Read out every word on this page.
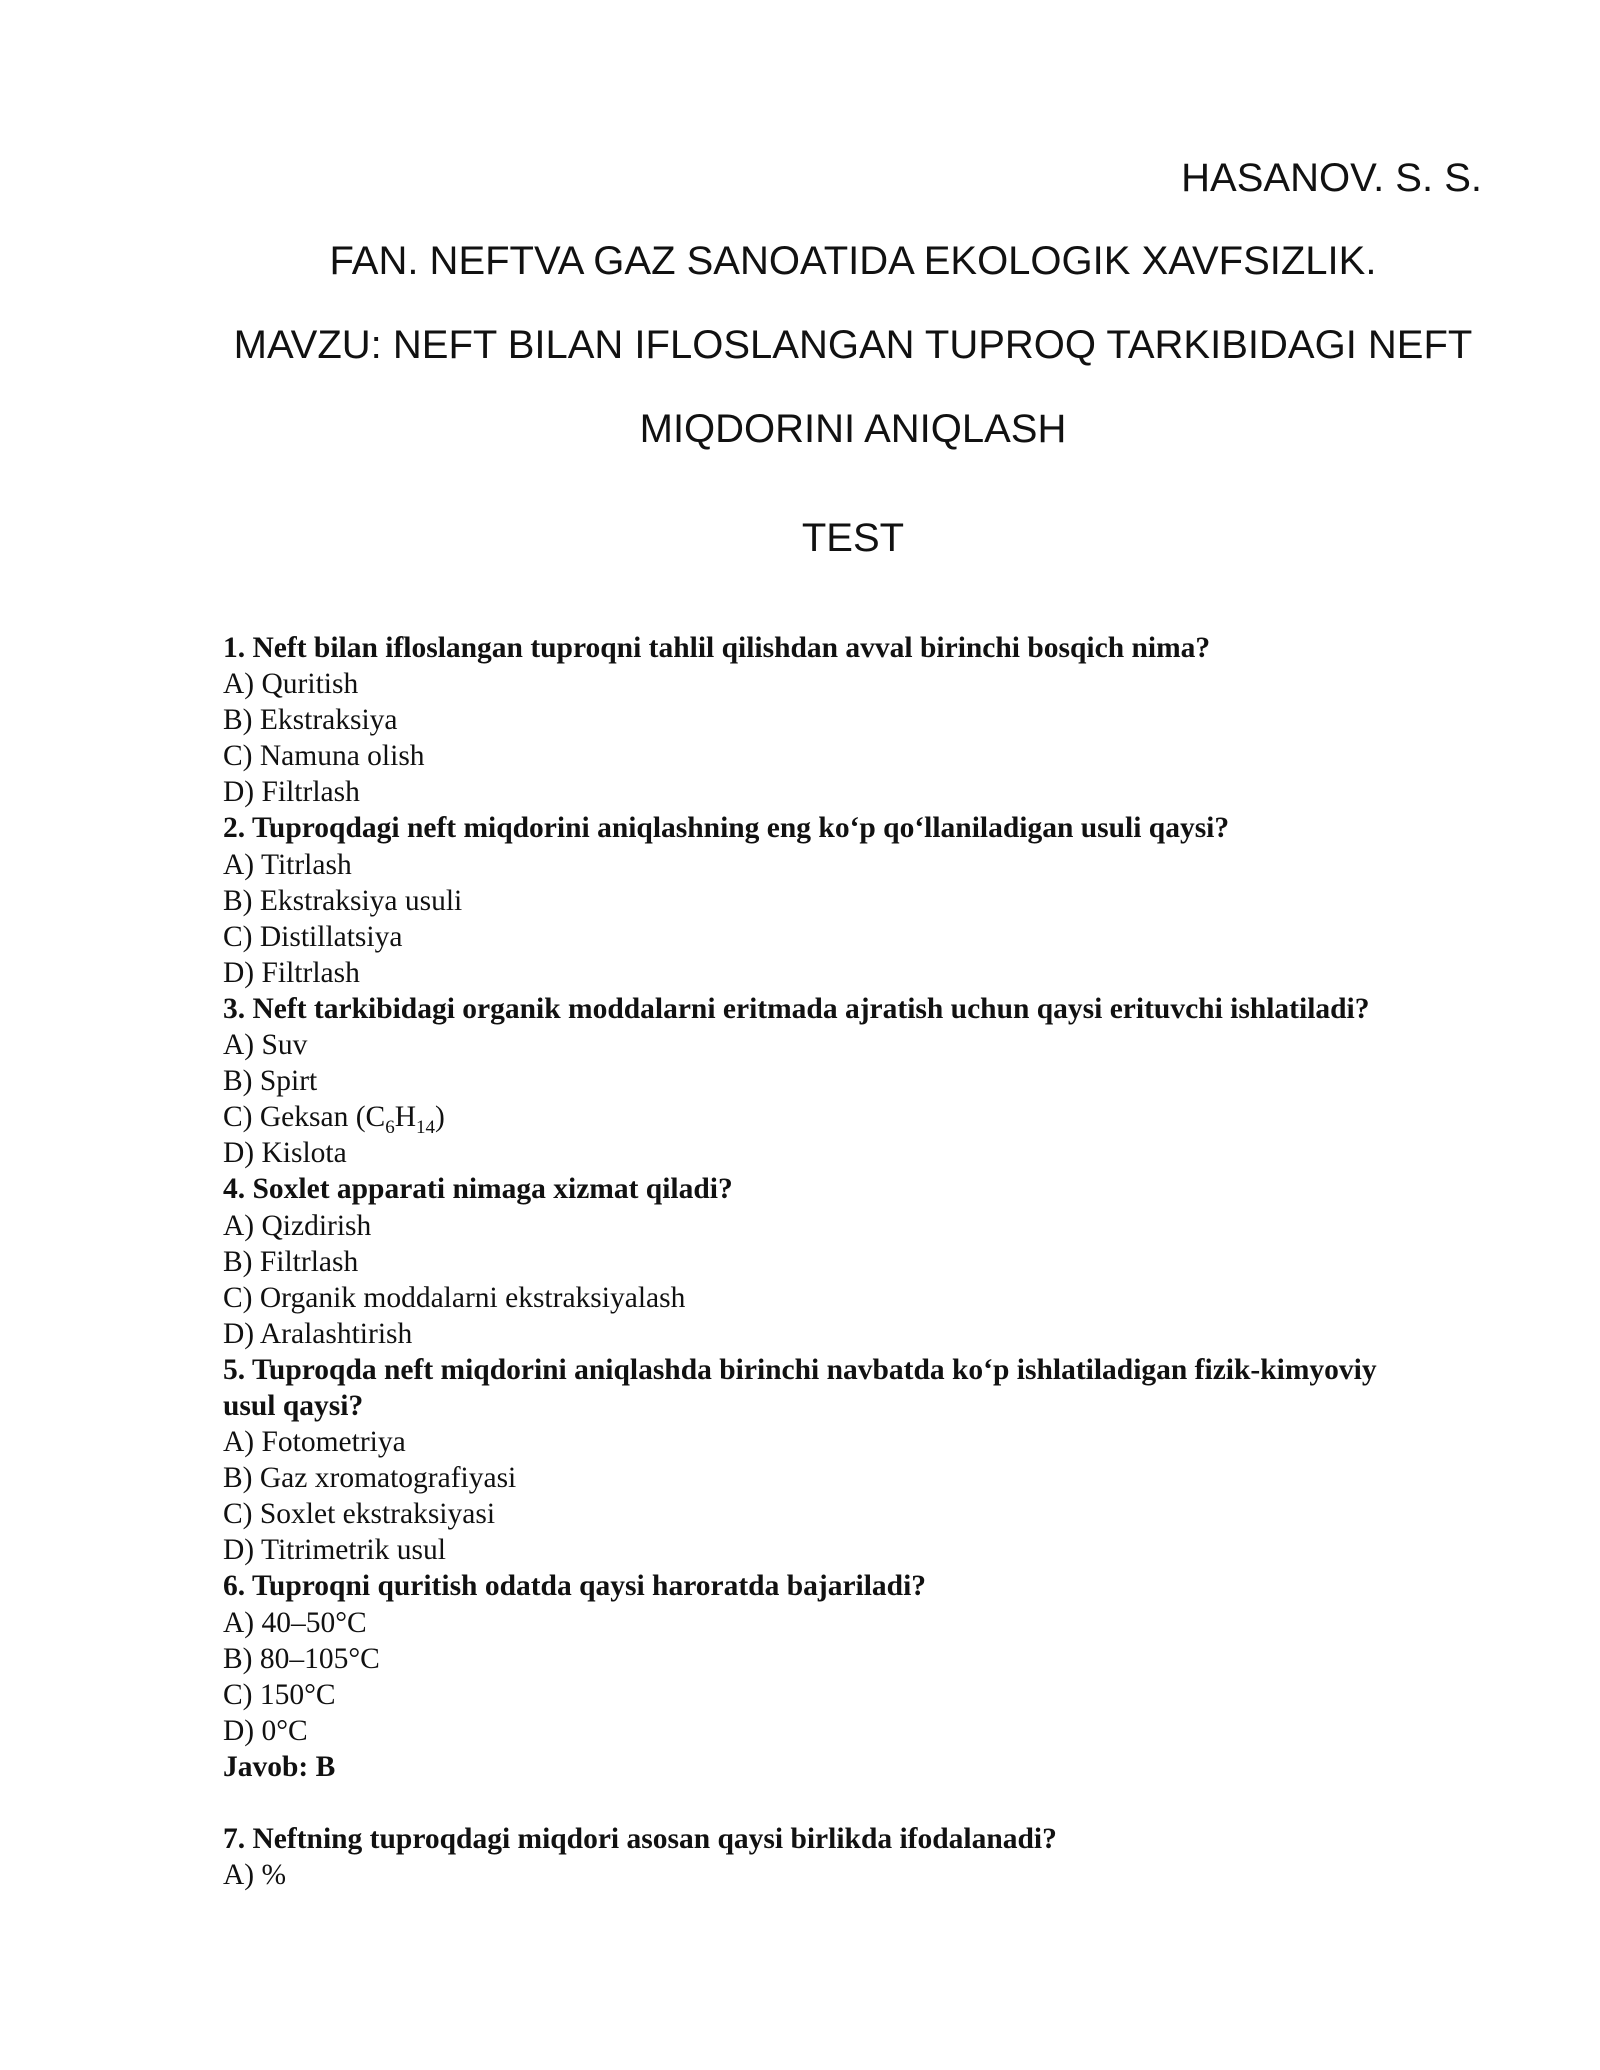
HASANOV. S. S.
FAN. NEFTVA GAZ SANOATIDA EKOLOGIK XAVFSIZLIK.
MAVZU: NEFT BILAN IFLOSLANGAN TUPROQ TARKIBIDAGI NEFT
MIQDORINI ANIQLASH
TEST
1. Neft bilan ifloslangan tuproqni tahlil qilishdan avval birinchi bosqich nima?
A) Quritish
B) Ekstraksiya
C) Namuna olish
D) Filtrlash
2. Tuproqdagi neft miqdorini aniqlashning eng ko‘p qo‘llaniladigan usuli qaysi?
A) Titrlash
B) Ekstraksiya usuli
C) Distillatsiya
D) Filtrlash
3. Neft tarkibidagi organik moddalarni eritmada ajratish uchun qaysi erituvchi ishlatiladi?
A) Suv
B) Spirt
C) Geksan $(C_6H_{14})$
D) Kislota
4. Soxlet apparati nimaga xizmat qiladi?
A) Qizdirish
B) Filtrlash
C) Organik moddalarni ekstraksiyalash
D) Aralashtirish
5. Tuproqda neft miqdorini aniqlashda birinchi navbatda ko‘p ishlatiladigan fizik-kimyoviy
usul qaysi?
A) Fotometriya
B) Gaz xromatografiyasi
C) Soxlet ekstraksiyasi
D) Titrimetrik usul
6. Tuproqni quritish odatda qaysi haroratda bajariladi?
A) 40–50°C
B) 80–105°C
C) 150°C
D) 0°C
Javob: B
7. Neftning tuproqdagi miqdori asosan qaysi birlikda ifodalanadi?
A) %
